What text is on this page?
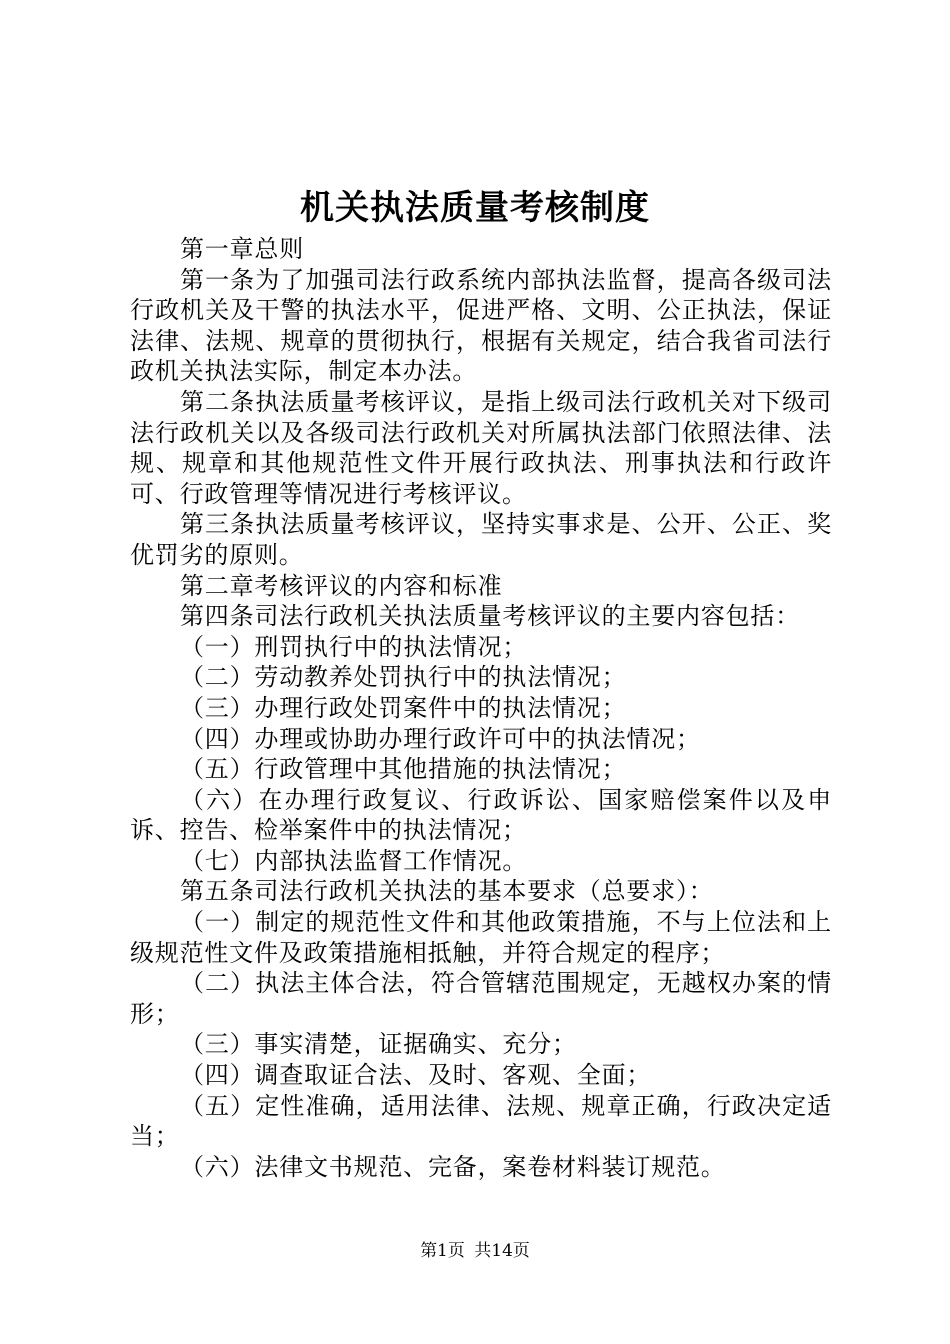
机关执法质量考核制度

第一章总则

第一条为了加强司法行政系统内部执法监督，提高各级司法行政机关及干警的执法水平，促进严格、文明、公正执法，保证法律、法规、规章的贯彻执行，根据有关规定，结合我省司法行政机关执法实际，制定本办法。

第二条执法质量考核评议，是指上级司法行政机关对下级司法行政机关以及各级司法行政机关对所属执法部门依照法律、法规、规章和其他规范性文件开展行政执法、刑事执法和行政许可、行政管理等情况进行考核评议。

第三条执法质量考核评议，坚持实事求是、公开、公正、奖优罚劣的原则。

第二章考核评议的内容和标准

第四条司法行政机关执法质量考核评议的主要内容包括：

（一）刑罚执行中的执法情况；

（二）劳动教养处罚执行中的执法情况；

（三）办理行政处罚案件中的执法情况；

（四）办理或协助办理行政许可中的执法情况；

（五）行政管理中其他措施的执法情况；

（六）在办理行政复议、行政诉讼、国家赔偿案件以及申诉、控告、检举案件中的执法情况；

（七）内部执法监督工作情况。

第五条司法行政机关执法的基本要求（总要求）：

（一）制定的规范性文件和其他政策措施，不与上位法和上级规范性文件及政策措施相抵触，并符合规定的程序；

（二）执法主体合法，符合管辖范围规定，无越权办案的情形；

（三）事实清楚，证据确实、充分；

（四）调查取证合法、及时、客观、全面；

（五）定性准确，适用法律、法规、规章正确，行政决定适当；

（六）法律文书规范、完备，案卷材料装订规范。

第1页 共14页
